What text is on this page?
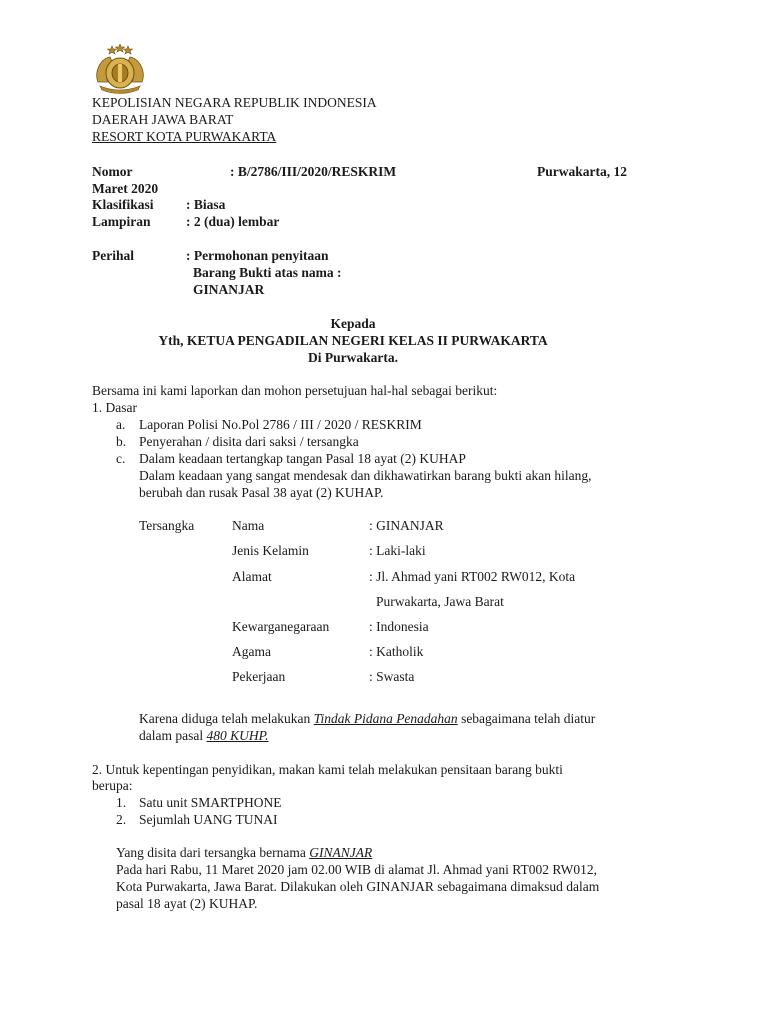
KEPOLISIAN NEGARA REPUBLIK INDONESIA
DAERAH JAWA BARAT
RESORT KOTA PURWAKARTA
Nomor	: B/2786/III/2020/RESKRIM	Purwakarta, 12
Maret 2020
Klasifikasi : Biasa
Lampiran	: 2 (dua) lembar
Perihal	: Permohonan penyitaan
Barang Bukti atas nama :
GINANJAR
Kepada
Yth, KETUA PENGADILAN NEGERI KELAS II PURWAKARTA
Di Purwakarta.
Bersama ini kami laporkan dan mohon persetujuan hal-hal sebagai berikut:
1. Dasar
a. Laporan Polisi No.Pol 2786 / III / 2020 / RESKRIM
b. Penyerahan / disita dari saksi / tersangka
c. Dalam keadaan tertangkap tangan Pasal 18 ayat (2) KUHAP
Dalam keadaan yang sangat mendesak dan dikhawatirkan barang bukti akan hilang,
berubah dan rusak Pasal 38 ayat (2) KUHAP.
Tersangka	Nama	: GINANJAR
Jenis Kelamin	: Laki-laki
Alamat	: Jl. Ahmad yani RT002 RW012, Kota
Purwakarta, Jawa Barat
Kewarganegaraan	: Indonesia
Agama	: Katholik
Pekerjaan	: Swasta
Karena diduga telah melakukan Tindak Pidana Penadahan sebagaimana telah diatur
dalam pasal 480 KUHP.
2. Untuk kepentingan penyidikan, makan kami telah melakukan pensitaan barang bukti
berupa:
1. Satu unit SMARTPHONE
2. Sejumlah UANG TUNAI
Yang disita dari tersangka bernama GINANJAR
Pada hari Rabu, 11 Maret 2020 jam 02.00 WIB di alamat Jl. Ahmad yani RT002 RW012,
Kota Purwakarta, Jawa Barat. Dilakukan oleh GINANJAR sebagaimana dimaksud dalam
pasal 18 ayat (2) KUHAP.
